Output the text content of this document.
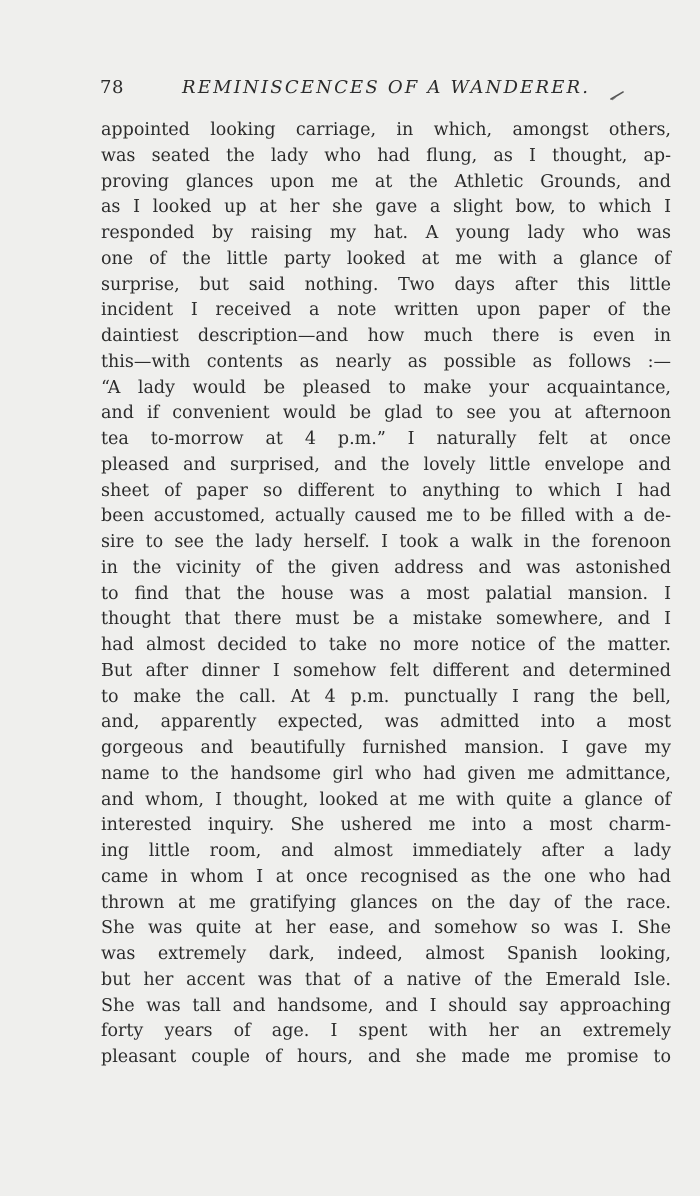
78	REMINISCENCES OF A WANDERER.
appointed looking carriage, in which, amongst others,
was seated the lady who had flung, as I thought, ap-
proving glances upon me at the Athletic Grounds, and
as I looked up at her she gave a slight bow, to which I
responded by raising my hat. A young lady who was
one of the little party looked at me with a glance of
surprise, but said nothing. Two days after this little
incident I received a note written upon paper of the
daintiest description—and how much there is even in
this—with contents as nearly as possible as follows :—
“A lady would be pleased to make your acquaintance,
and if convenient would be glad to see you at afternoon
tea to-morrow at 4 p.m.” I naturally felt at once
pleased and surprised, and the lovely little envelope and
sheet of paper so different to anything to which I had
been accustomed, actually caused me to be filled with a de-
sire to see the lady herself. I took a walk in the forenoon
in the vicinity of the given address and was astonished
to find that the house was a most palatial mansion. I
thought that there must be a mistake somewhere, and I
had almost decided to take no more notice of the matter.
But after dinner I somehow felt different and determined
to make the call. At 4 p.m. punctually I rang the bell,
and, apparently expected, was admitted into a most
gorgeous and beautifully furnished mansion. I gave my
name to the handsome girl who had given me admittance,
and whom, I thought, looked at me with quite a glance of
interested inquiry. She ushered me into a most charm-
ing little room, and almost immediately after a lady
came in whom I at once recognised as the one who had
thrown at me gratifying glances on the day of the race.
She was quite at her ease, and somehow so was I. She
was extremely dark, indeed, almost Spanish looking,
but her accent was that of a native of the Emerald Isle.
She was tall and handsome, and I should say approaching
forty years of age. I spent with her an extremely
pleasant couple of hours, and she made me promise to
